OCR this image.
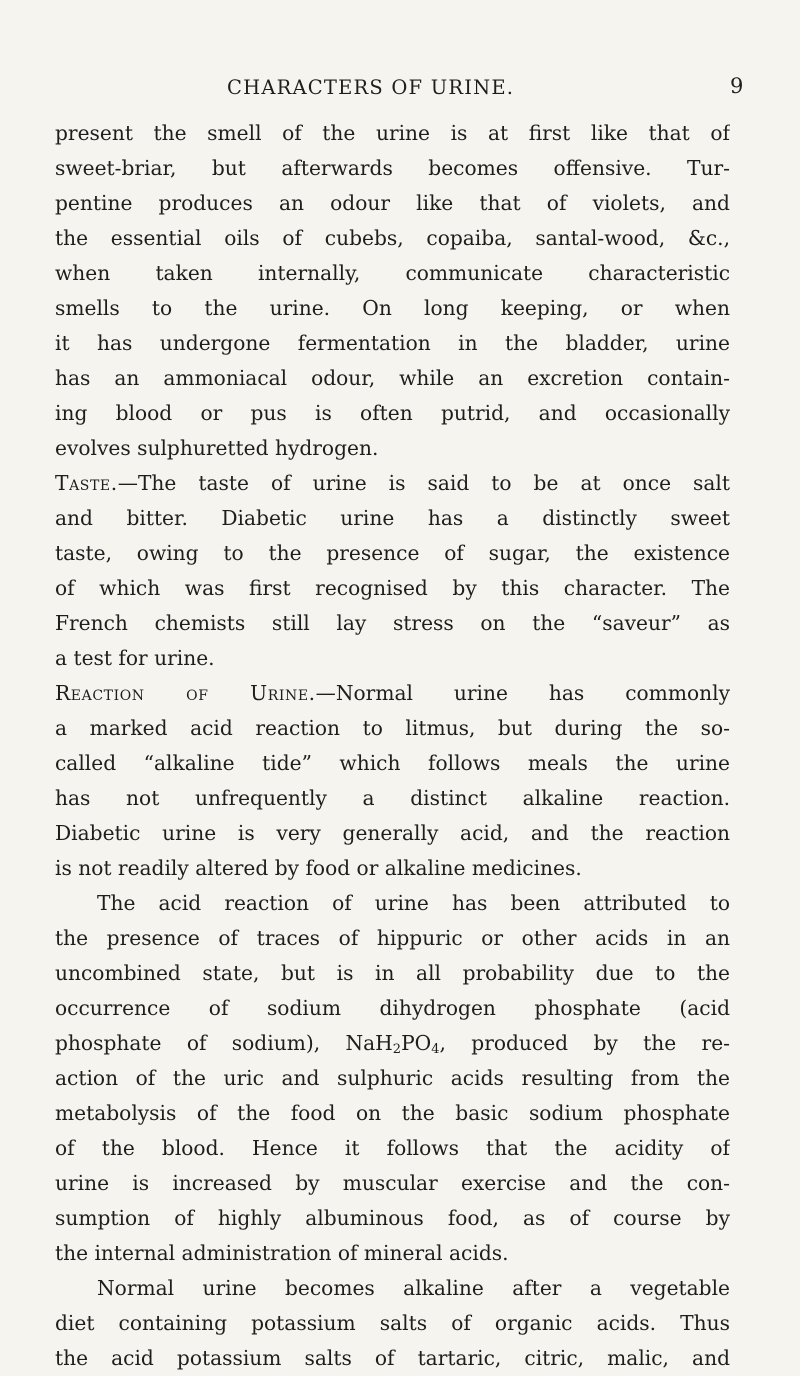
CHARACTERS OF URINE.	9
present the smell of the urine is at first like that of
sweet-briar, but afterwards becomes offensive. Tur-
pentine produces an odour like that of violets, and
the essential oils of cubebs, copaiba, santal-wood, &c.,
when taken internally, communicate characteristic
smells to the urine. On long keeping, or when
it has undergone fermentation in the bladder, urine
has an ammoniacal odour, while an excretion contain-
ing blood or pus is often putrid, and occasionally
evolves sulphuretted hydrogen.
Taste.—The taste of urine is said to be at once salt
and bitter. Diabetic urine has a distinctly sweet
taste, owing to the presence of sugar, the existence
of which was first recognised by this character. The
French chemists still lay stress on the “saveur” as
a test for urine.
Reaction of Urine.—Normal urine has commonly
a marked acid reaction to litmus, but during the so-
called “alkaline tide” which follows meals the urine
has not unfrequently a distinct alkaline reaction.
Diabetic urine is very generally acid, and the reaction
is not readily altered by food or alkaline medicines.
The acid reaction of urine has been attributed to
the presence of traces of hippuric or other acids in an
uncombined state, but is in all probability due to the
occurrence of sodium dihydrogen phosphate (acid
phosphate of sodium), $NaH_2PO_4$, produced by the re-
action of the uric and sulphuric acids resulting from the
metabolysis of the food on the basic sodium phosphate
of the blood. Hence it follows that the acidity of
urine is increased by muscular exercise and the con-
sumption of highly albuminous food, as of course by
the internal administration of mineral acids.
Normal urine becomes alkaline after a vegetable
diet containing potassium salts of organic acids. Thus
the acid potassium salts of tartaric, citric, malic, and
